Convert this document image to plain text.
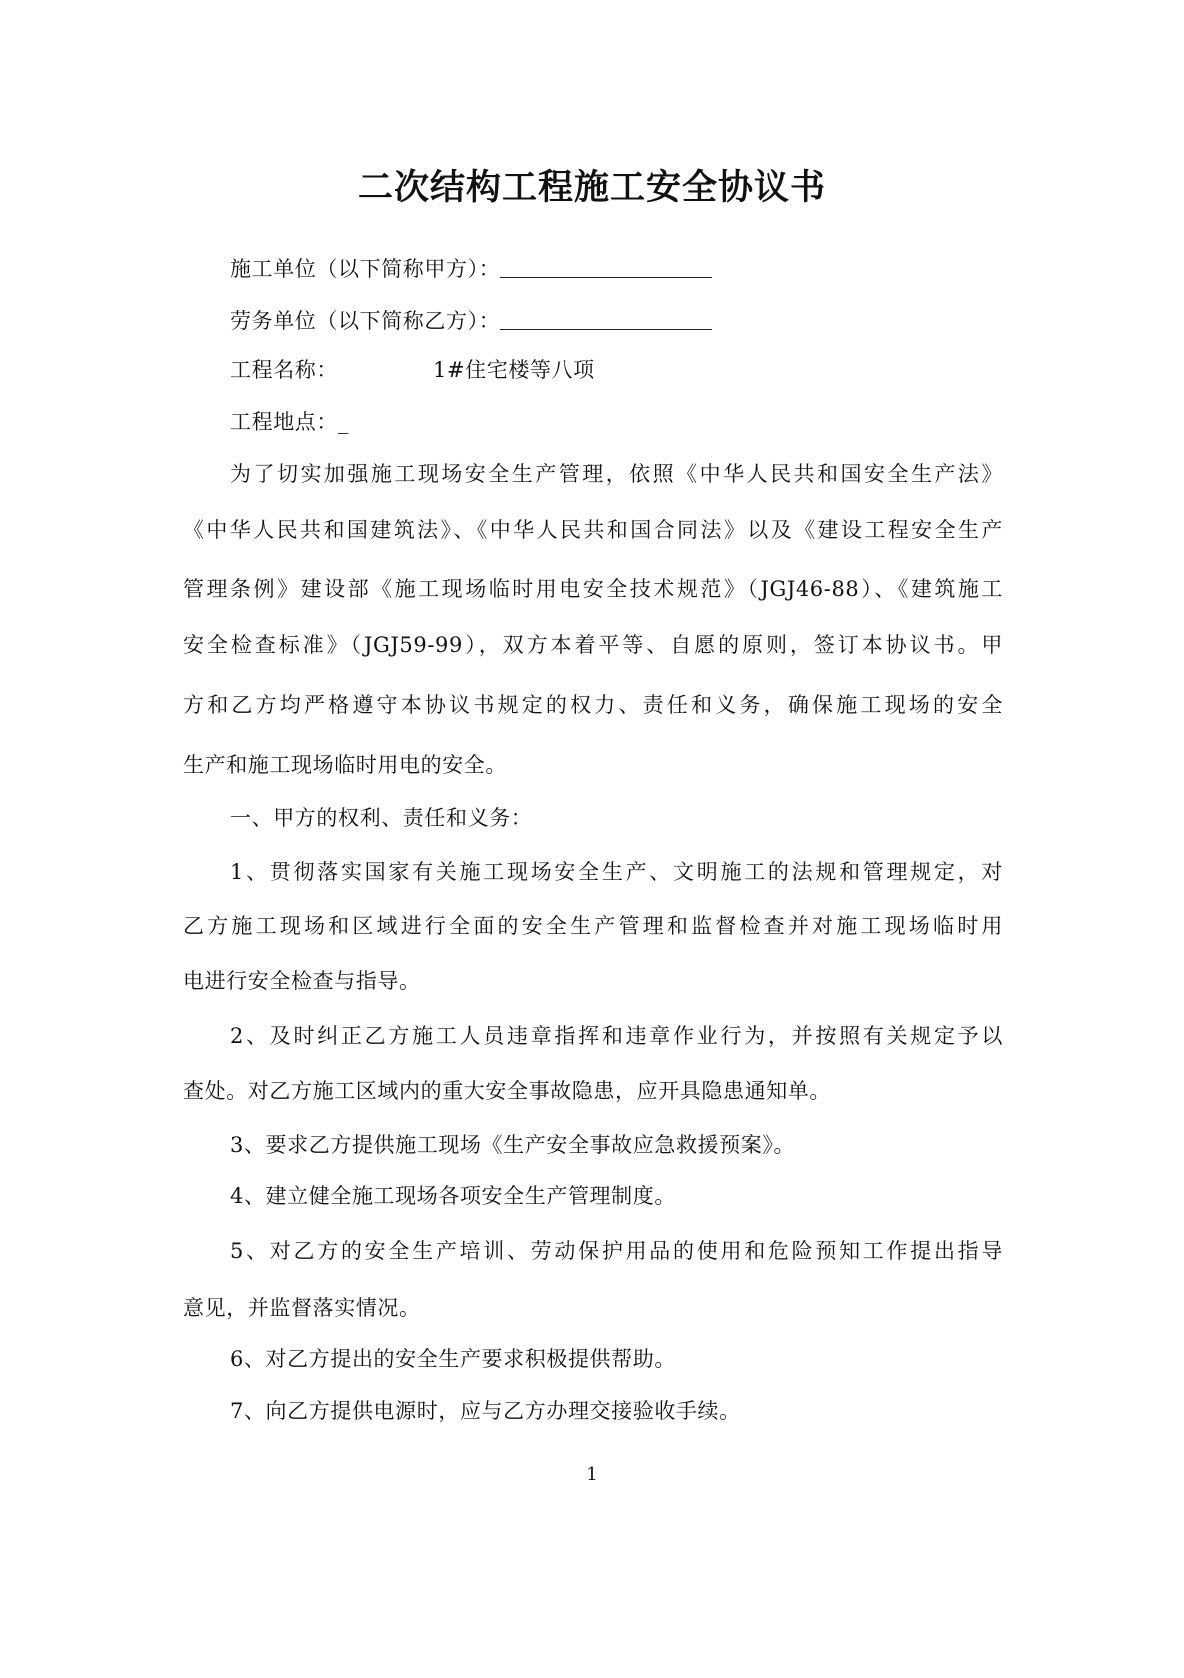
二次结构工程施工安全协议书
施工单位（以下简称甲方）：
劳务单位（以下简称乙方）：
工程名称：	1#住宅楼等八项
工程地点：_
为了切实加强施工现场安全生产管理，依照《中华人民共和国安全生产法》
《中华人民共和国建筑法》、《中华人民共和国合同法》以及《建设工程安全生产
管理条例》建设部《施工现场临时用电安全技术规范》（JGJ46-88）、《建筑施工
安全检查标准》（JGJ59-99），双方本着平等、自愿的原则，签订本协议书。甲
方和乙方均严格遵守本协议书规定的权力、责任和义务，确保施工现场的安全
生产和施工现场临时用电的安全。
一、甲方的权利、责任和义务：
1、贯彻落实国家有关施工现场安全生产、文明施工的法规和管理规定，对
乙方施工现场和区域进行全面的安全生产管理和监督检查并对施工现场临时用
电进行安全检查与指导。
2、及时纠正乙方施工人员违章指挥和违章作业行为，并按照有关规定予以
查处。对乙方施工区域内的重大安全事故隐患，应开具隐患通知单。
3、要求乙方提供施工现场《生产安全事故应急救援预案》。
4、建立健全施工现场各项安全生产管理制度。
5、对乙方的安全生产培训、劳动保护用品的使用和危险预知工作提出指导
意见，并监督落实情况。
6、对乙方提出的安全生产要求积极提供帮助。
7、向乙方提供电源时，应与乙方办理交接验收手续。
1
